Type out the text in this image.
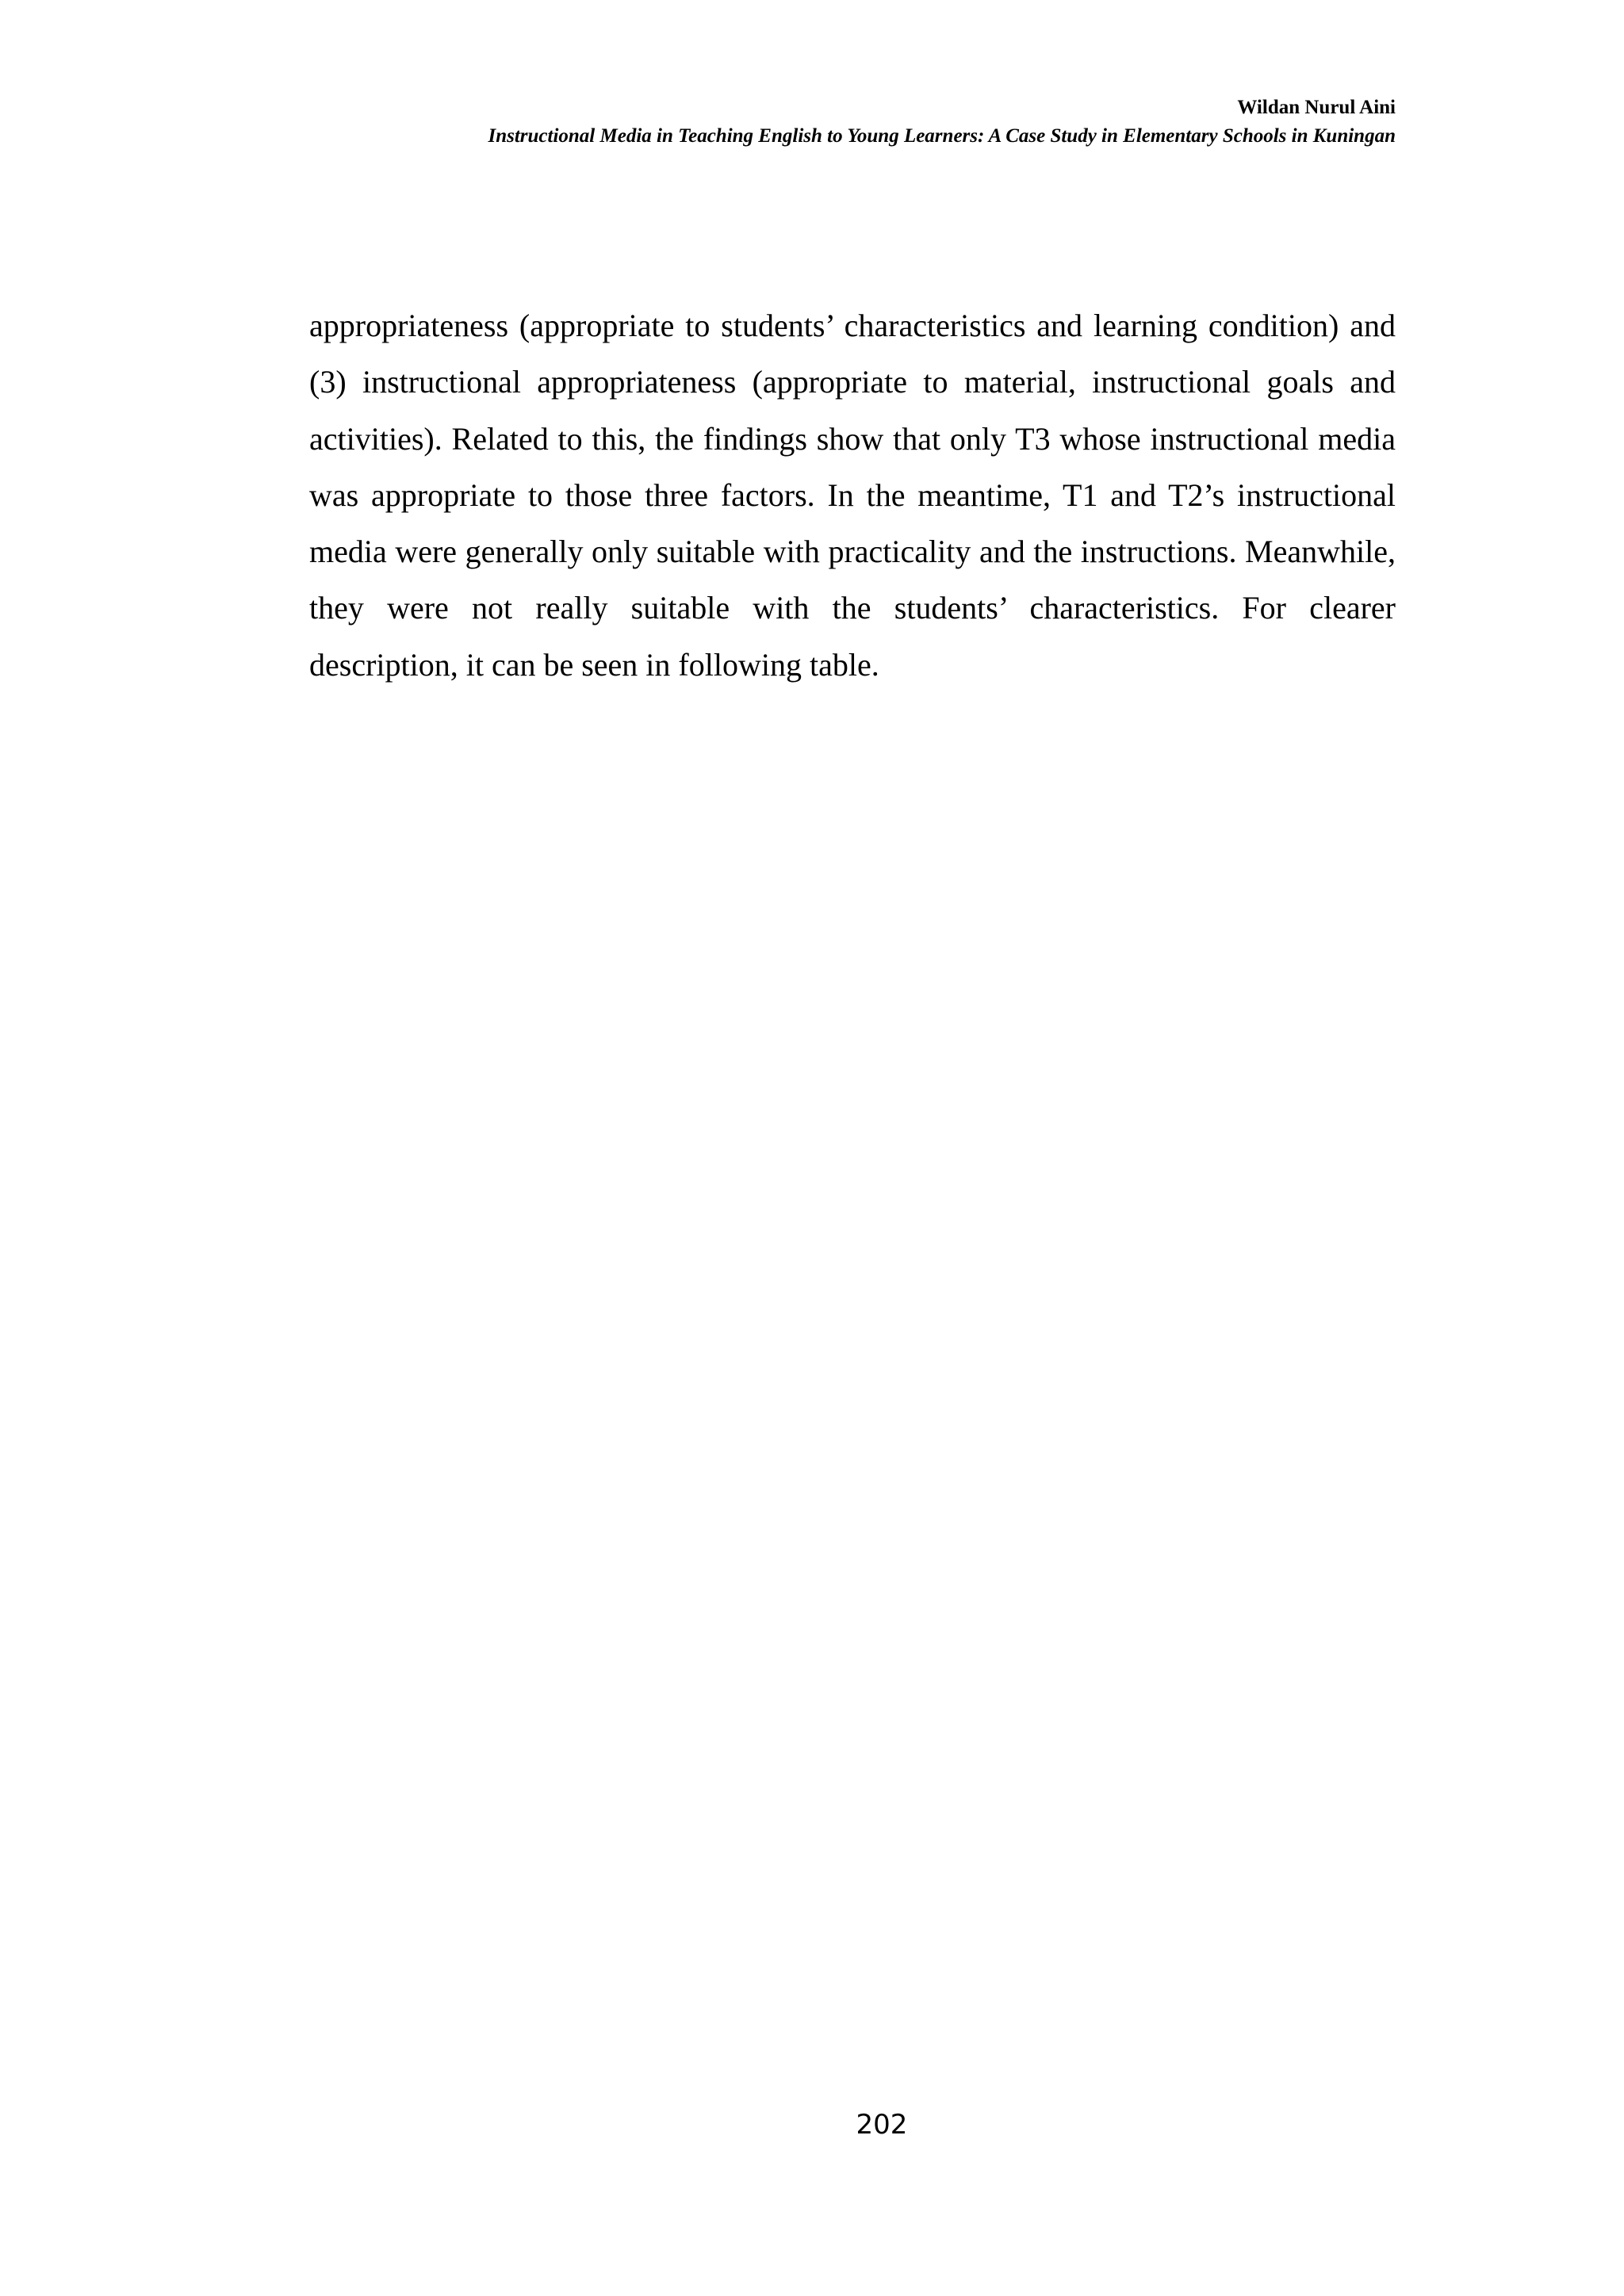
Wildan Nurul Aini
Instructional Media in Teaching English to Young Learners: A Case Study in Elementary Schools in Kuningan

appropriateness (appropriate to students’ characteristics and learning condition) and (3) instructional appropriateness (appropriate to material, instructional goals and activities). Related to this, the findings show that only T3 whose instructional media was appropriate to those three factors. In the meantime, T1 and T2’s instructional media were generally only suitable with practicality and the instructions. Meanwhile, they were not really suitable with the students’ characteristics. For clearer description, it can be seen in following table.

202
